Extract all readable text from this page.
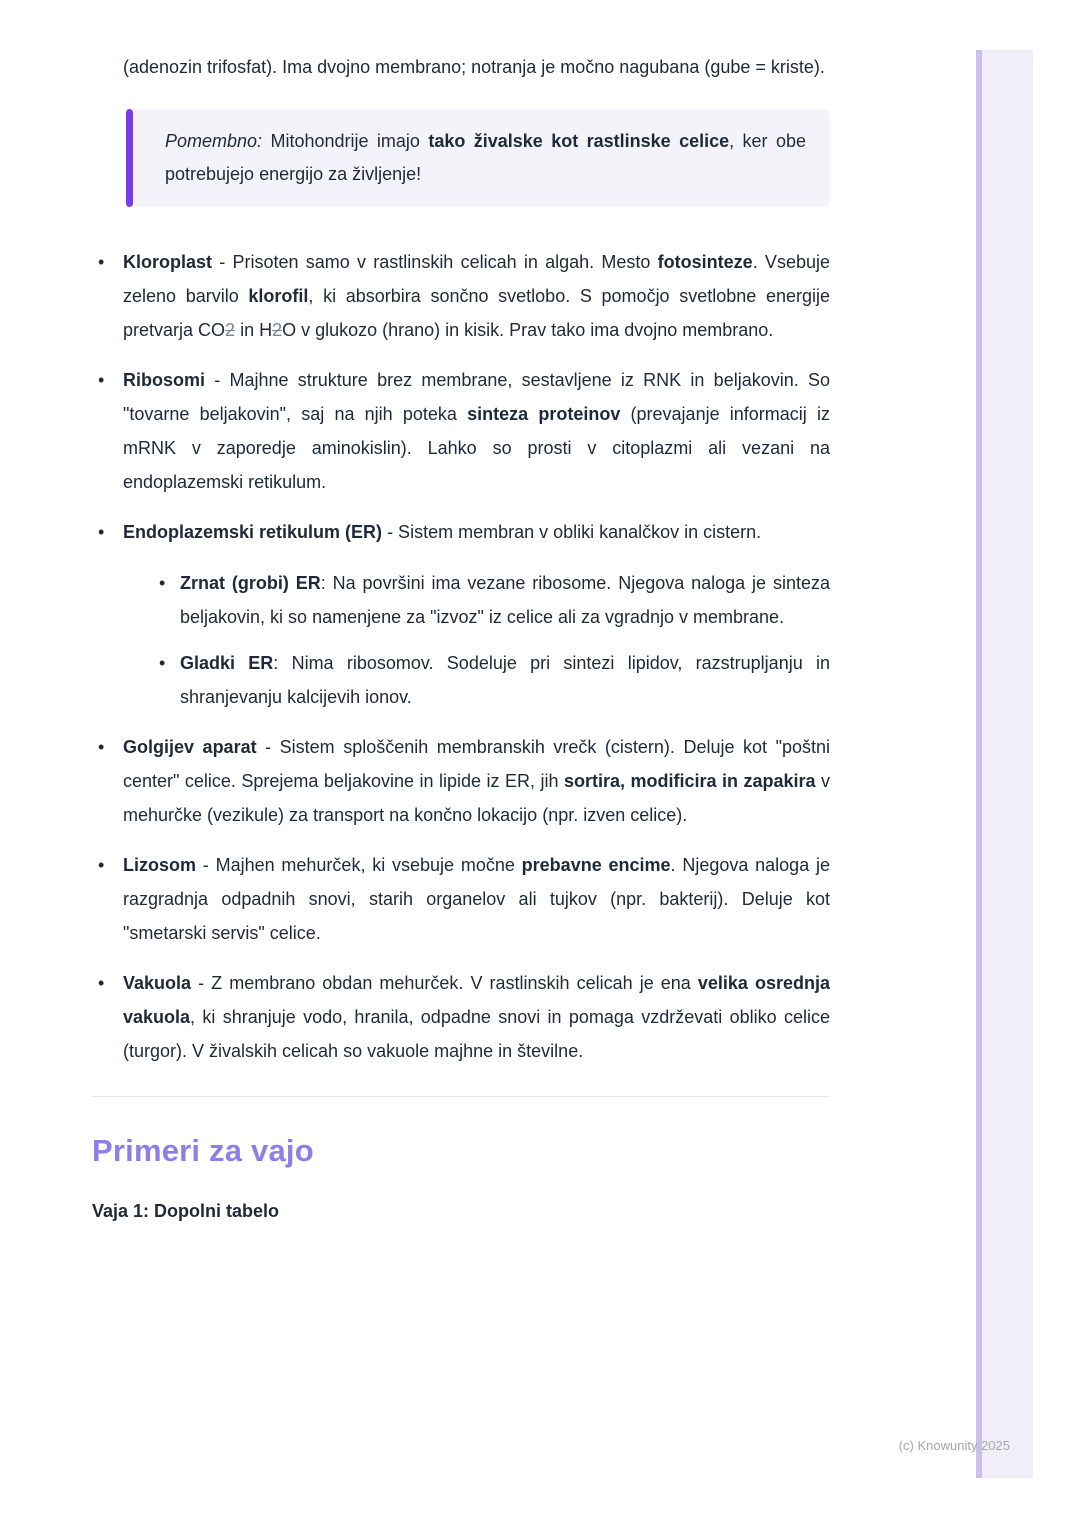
(adenozin trifosfat). Ima dvojno membrano; notranja je močno nagubana (gube = kriste).

Pomembno: Mitohondrije imajo tako živalske kot rastlinske celice, ker obe potrebujejo energijo za življenje!
• Kloroplast - Prisoten samo v rastlinskih celicah in algah. Mesto fotosinteze. Vsebuje zeleno barvilo klorofil, ki absorbira sončno svetlobo. S pomočjo svetlobne energije pretvarja CO2 in H2O v glukozo (hrano) in kisik. Prav tako ima dvojno membrano.
• Ribosomi - Majhne strukture brez membrane, sestavljene iz RNK in beljakovin. So "tovarne beljakovin", saj na njih poteka sinteza proteinov (prevajanje informacij iz mRNK v zaporedje aminokislin). Lahko so prosti v citoplazmi ali vezani na endoplazemski retikulum.
• Endoplazemski retikulum (ER) - Sistem membran v obliki kanalčkov in cistern.
• Zrnat (grobi) ER: Na površini ima vezane ribosome. Njegova naloga je sinteza beljakovin, ki so namenjene za "izvoz" iz celice ali za vgradnjo v membrane.
• Gladki ER: Nima ribosomov. Sodeluje pri sintezi lipidov, razstrupljanju in shranjevanju kalcijevih ionov.
• Golgijev aparat - Sistem sploščenih membranskih vrečk (cistern). Deluje kot "poštni center" celice. Sprejema beljakovine in lipide iz ER, jih sortira, modificira in zapakira v mehurčke (vezikule) za transport na končno lokacijo (npr. izven celice).
• Lizosom - Majhen mehurček, ki vsebuje močne prebavne encime. Njegova naloga je razgradnja odpadnih snovi, starih organelov ali tujkov (npr. bakterij). Deluje kot "smetarski servis" celice.
• Vakuola - Z membrano obdan mehurček. V rastlinskih celicah je ena velika osrednja vakuola, ki shranjuje vodo, hranila, odpadne snovi in pomaga vzdrževati obliko celice (turgor). V živalskih celicah so vakuole majhne in številne.
Primeri za vajo

Vaja 1: Dopolni tabelo

(c) Knowunity 2025
